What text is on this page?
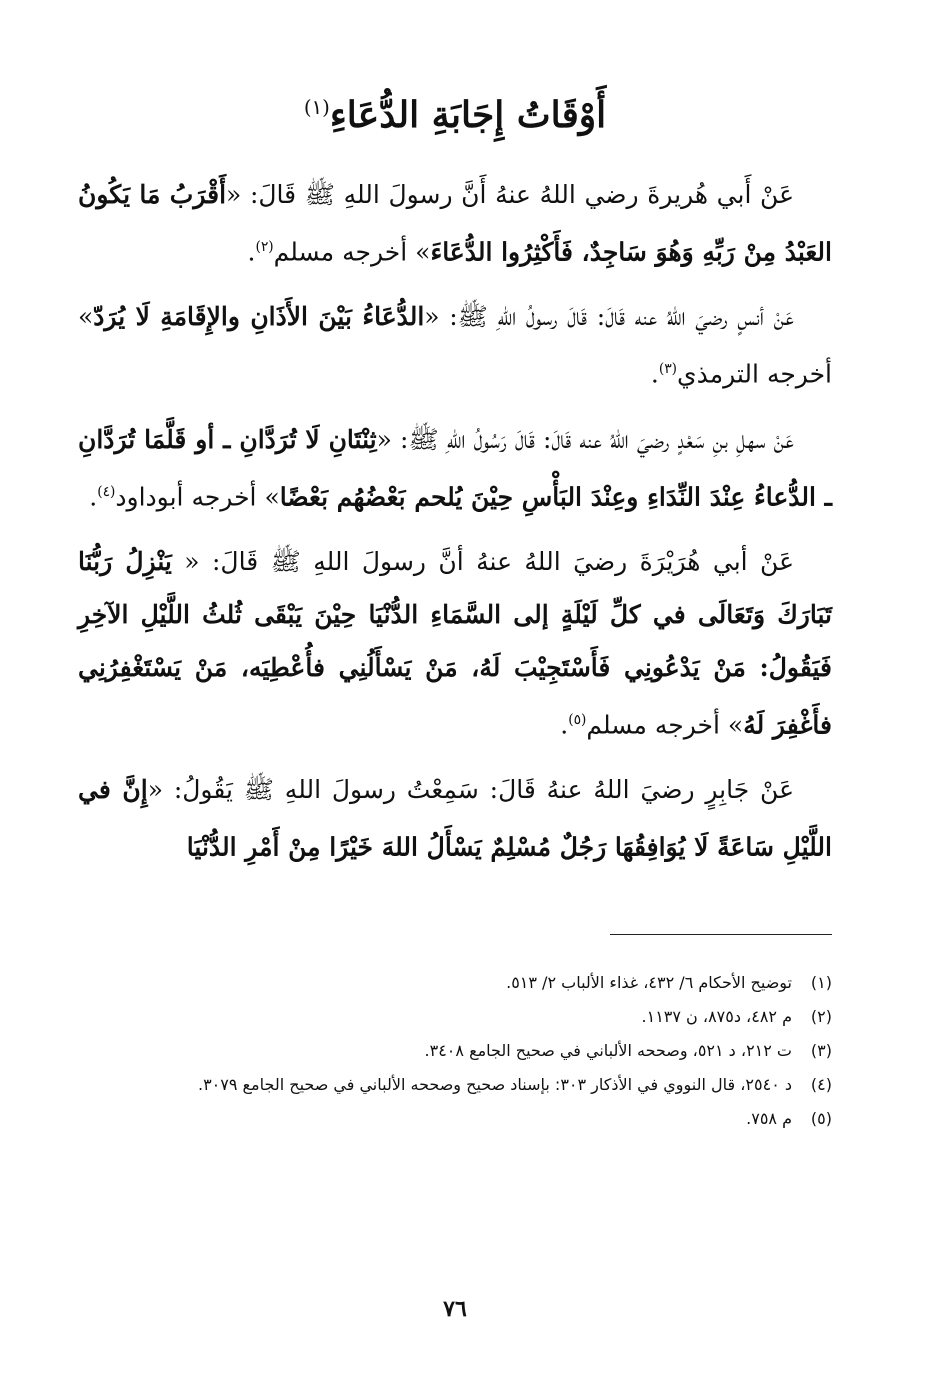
أَوْقَاتُ إِجَابَةِ الدُّعَاءِ$^{(١)}$

عَنْ أَبي هُريرةَ رضي اللهُ عنهُ أَنَّ رسولَ اللهِ ﷺ قَالَ: «أَقْرَبُ مَا يَكُونُ العَبْدُ مِنْ رَبِّهِ وَهُوَ سَاجِدٌ، فَأَكْثِرُوا الدُّعَاءَ» أخرجه مسلم$^{(٢)}$.

عَنْ أنسٍ رضيَ اللهُ عنه قَالَ: قَالَ رسولُ اللهِ ﷺ: «الدُّعَاءُ بَيْنَ الأَذَانِ والإِقَامَةِ لَا يُرَدّ» أخرجه الترمذي$^{(٣)}$.

عَنْ سهلِ بنِ سَعْدٍ رضيَ اللهُ عنه قَالَ: قَالَ رَسُولُ اللهِ ﷺ: «ثِنْتَانِ لَا تُرَدَّانِ ـ أو قَلَّمَا تُرَدَّانِ ـ الدُّعاءُ عِنْدَ النِّدَاءِ وعِنْدَ البَأْسِ حِيْنَ يُلحم بَعْضُهُم بَعْضًا» أخرجه أبوداود$^{(٤)}$.

عَنْ أبي هُرَيْرَةَ رضيَ اللهُ عنهُ أنَّ رسولَ اللهِ ﷺ قَالَ: « يَنْزِلُ رَبُّنَا تَبَارَكَ وَتَعَالَى في كلِّ لَيْلَةٍ إلى السَّمَاءِ الدُّنْيَا حِيْنَ يَبْقَى ثُلثُ اللَّيْلِ الآخِرِ فَيَقُولُ: مَنْ يَدْعُونِي فَأَسْتَجِيْبَ لَهُ، مَنْ يَسْأَلُنِي فأُعْطِيَه، مَنْ يَسْتَغْفِرُنِي فأَغْفِرَ لَهُ» أخرجه مسلم$^{(٥)}$.

عَنْ جَابِرٍ رضيَ اللهُ عنهُ قَالَ: سَمِعْتُ رسولَ اللهِ ﷺ يَقُولُ: «إِنَّ في اللَّيْلِ سَاعَةً لَا يُوَافِقُهَا رَجُلٌ مُسْلِمٌ يَسْأَلُ اللهَ خَيْرًا مِنْ أَمْرِ الدُّنْيَا

(١)
توضيح الأحكام ٦/ ٤٣٢، غذاء الألباب ٢/ ٥١٣.
(٢)
م ٤٨٢، د٨٧٥، ن ١١٣٧.
(٣)
ت ٢١٢، د ٥٢١، وصححه الألباني في صحيح الجامع ٣٤٠٨.
(٤)
د ٢٥٤٠، قال النووي في الأذكار ٣٠٣: بإسناد صحيح وصححه الألباني في صحيح الجامع ٣٠٧٩.
(٥)
م ٧٥٨.
٧٦
